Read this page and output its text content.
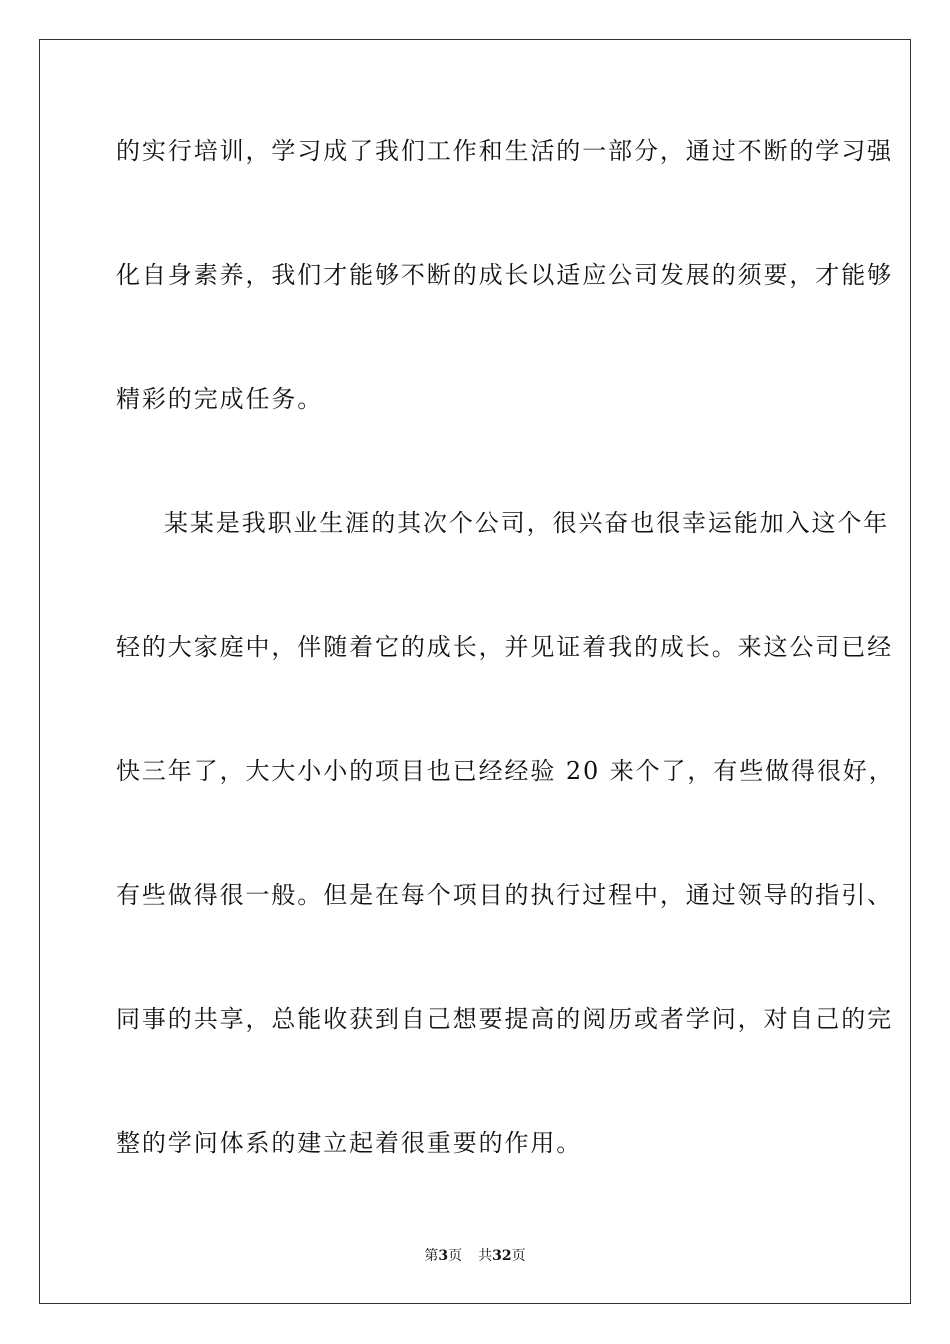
的实行培训，学习成了我们工作和生活的一部分，通过不断的学习强
化自身素养，我们才能够不断的成长以适应公司发展的须要，才能够
精彩的完成任务。
某某是我职业生涯的其次个公司，很兴奋也很幸运能加入这个年
轻的大家庭中，伴随着它的成长，并见证着我的成长。来这公司已经
快三年了，大大小小的项目也已经经验 20 来个了，有些做得很好，
有些做得很一般。但是在每个项目的执行过程中，通过领导的指引、
同事的共享，总能收获到自己想要提高的阅历或者学问，对自己的完
整的学问体系的建立起着很重要的作用。
第3页 共32页
